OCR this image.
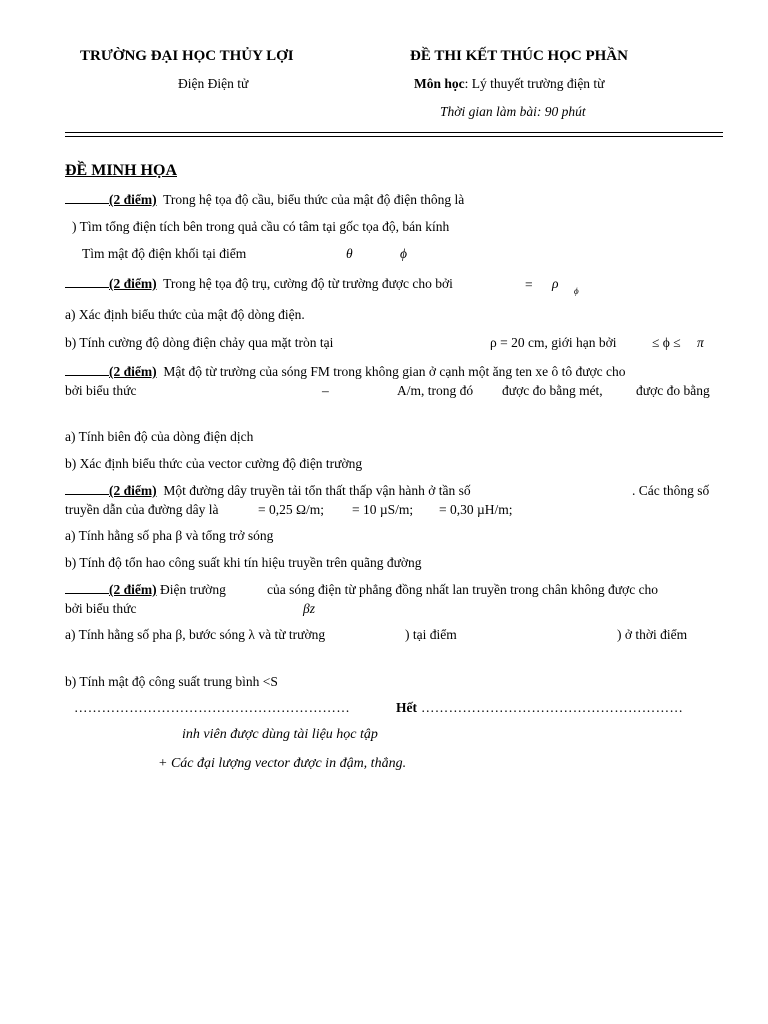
TRƯỜNG ĐẠI HỌC THỦY LỢI
Điện Điện tử
ĐỀ THI KẾT THÚC HỌC PHẦN
Môn học: Lý thuyết trường điện từ
Thời gian làm bài: 90 phút
ĐỀ MINH HỌA
(2 điểm) Trong hệ tọa độ cầu, biểu thức của mật độ điện thông là
) Tìm tổng điện tích bên trong quả cầu có tâm tại gốc tọa độ, bán kính
Tìm mật độ điện khối tại điểm	θ	ϕ
(2 điểm) Trong hệ tọa độ trụ, cường độ từ trường được cho bởi	= ρ ϕ
a) Xác định biểu thức của mật độ dòng điện.
b) Tính cường độ dòng điện chảy qua mặt tròn tại	ρ = 20 cm, giới hạn bởi	≤ ϕ ≤ π
(2 điểm) Mật độ từ trường của sóng FM trong không gian ở cạnh một ăng ten xe ô tô được cho
bởi biểu thức	–	A/m, trong đó được đo bằng mét, được đo bằng
a) Tính biên độ của dòng điện dịch
b) Xác định biểu thức của vector cường độ điện trường
(2 điểm) Một đường dây truyền tải tổn thất thấp vận hành ở tần số	. Các thông số
truyền dẫn của đường dây là	= 0,25 Ω/m; = 10 µS/m; = 0,30 µH/m;
a) Tính hằng số pha β và tổng trở sóng
b) Tính độ tổn hao công suất khi tín hiệu truyền trên quãng đường
(2 điểm) Điện trường	của sóng điện từ phẳng đồng nhất lan truyền trong chân không được cho
bởi biểu thức	βz
a) Tính hằng số pha β, bước sóng λ và từ trường	) tại điểm	) ở thời điểm
b) Tính mật độ công suất trung bình <S
……………………………………………………	Hết …………………………………………………
inh viên được dùng tài liệu học tập
+ Các đại lượng vector được in đậm, thẳng.
